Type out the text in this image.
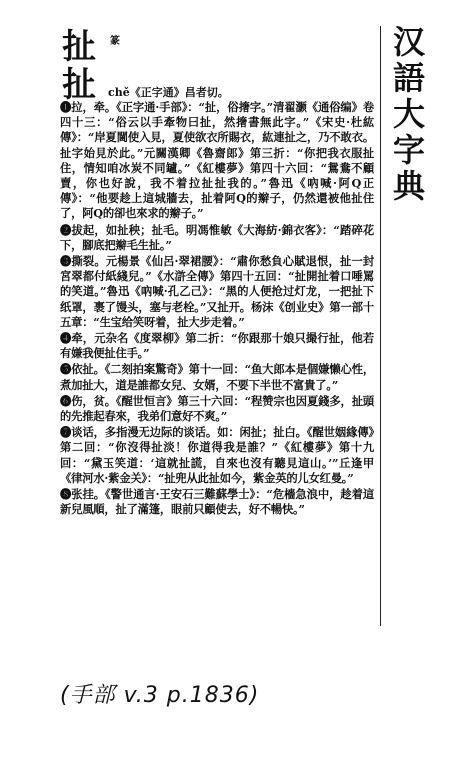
扯
扯
篆	汉
語
大
字
典
chě《正字通》昌者切。

❶拉，牵。《正字通·手部》：“扯，俗撦字。”清翟灏《通俗编》卷四十三：“俗云以手牽物曰扯，然撦書無此字。”《宋史·杜紘傳》：“岸夏閫使入見，夏使欲衣所賜衣，紘連扯之，乃不敢衣。扯字始見於此。”元關漢卿《魯齋郎》第三折：“你把我衣服扯住，情知咱冰炭不同罏。”《紅樓夢》第四十六回：“鴛鴦不顧賣，你也好說，我不着拉扯扯我的。”魯迅《吶喊·阿Q正傳》：“他要趁上這城牆去，扯着阿Q的辮子，仍然還被他扯住了，阿Q的卻也來求的辮子。”

❷拔起，如扯秧；扯毛。明馮惟敏《大海紡·錦衣客》：“踏碎花下，腳底把辮毛生扯。”

❸撕裂。元楊景《仙呂·翠裙腰》：“肅你愁負心賦退恨，扯一封宮翠都付紙綫兒。”《水滸全傳》第四十五回：“扯開扯着口唾罵的笑道。”魯迅《吶喊·孔乙己》：“黑的人便抢过灯龙，一把扯下纸罩，裹了馒头，塞与老栓。”又扯开。杨沫《创业史》第一部十五章：“生宝给笑呀着，扯大步走着。”

❹牵，元杂名《度翠柳》第二折：“你跟那十娘只撮行扯，他若有嫌我便扯住手。”

❺依扯。《二刻拍案驚奇》第十一回：“鱼大郎本是個嫌懒心性，煮加扯大，道是誰都女兒、女婿，不要下半世不富貴了。”

❻伤，贫。《醒世恒言》第三十六回：“程赞宗也因夏錢多，扯頭的先推起春來，我弟们意好不爽。”

❼谈话，多指漫无边际的谈话。如：闲扯；扯白。《醒世姻緣傳》第二回：“你沒得扯淡！你道得我是誰？”《紅樓夢》第十九回：“黛玉笑道：‘這就扯謊，自來也沒有聽見這山。’”丘逢甲《律河水·紫金关》：“扯兜从此扯如今，紫金英的儿女红曼。”

❽张挂。《警世通言·王安石三難蘇學士》：“危檣急浪中，趁着這新兒風順，扯了滿篷，眼前只顧使去，好不暢快。”

(手部 v.3 p.1836)
